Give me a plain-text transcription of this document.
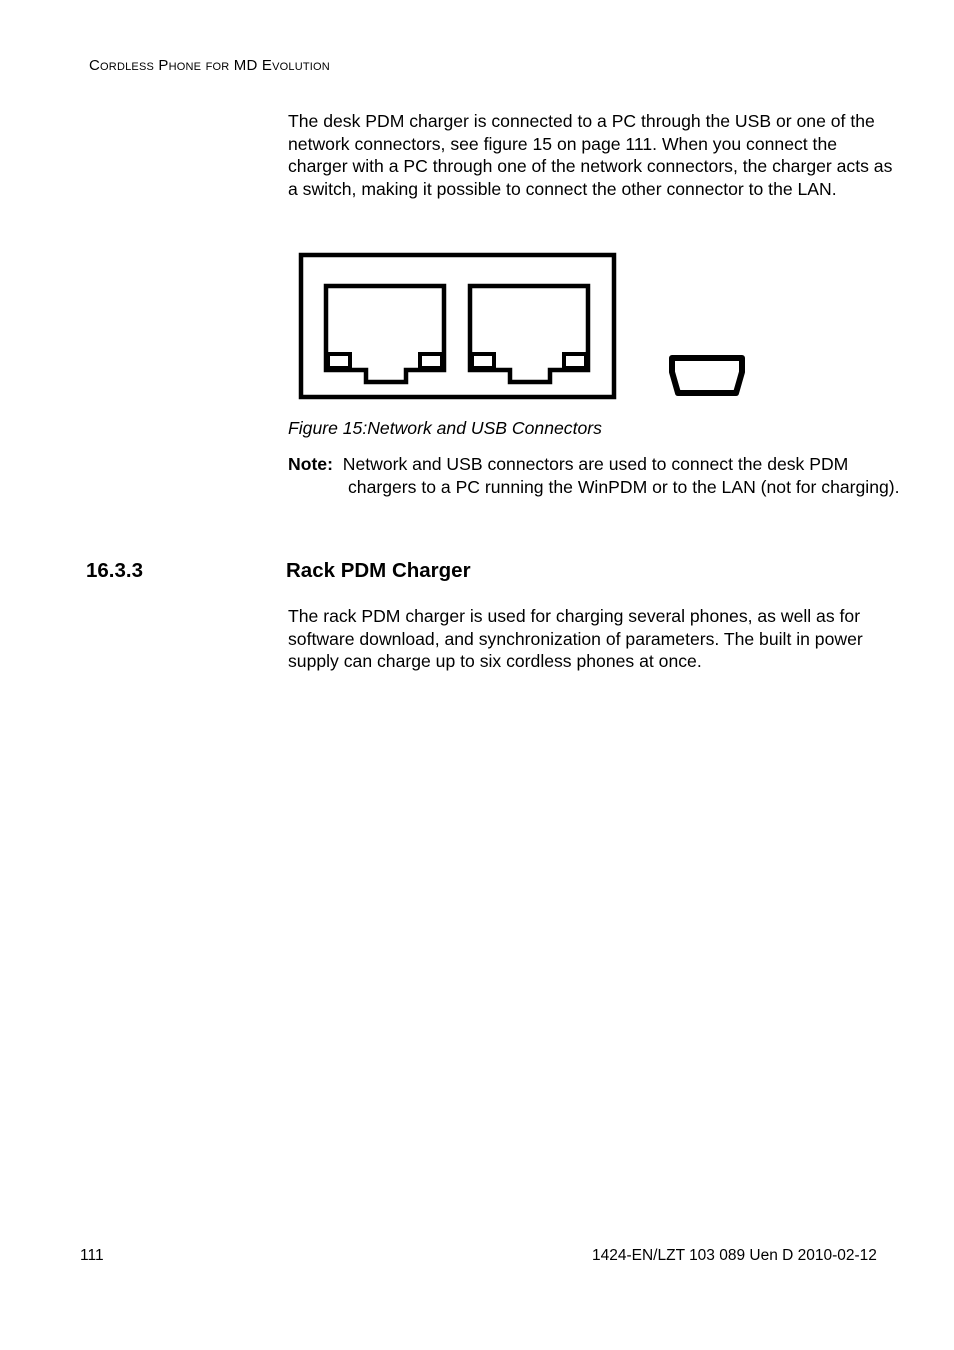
CORDLESS PHONE FOR MD EVOLUTION

The desk PDM charger is connected to a PC through the USB or one of the network connectors, see figure 15 on page 111. When you connect the charger with a PC through one of the network connectors, the charger acts as a switch, making it possible to connect the other connector to the LAN.

Figure 15:Network and USB Connectors

Note: Network and USB connectors are used to connect the desk PDM chargers to a PC running the WinPDM or to the LAN (not for charging).
16.3.3	Rack PDM Charger

The rack PDM charger is used for charging several phones, as well as for software download, and synchronization of parameters. The built in power supply can charge up to six cordless phones at once.

111	1424-EN/LZT 103 089 Uen D 2010-02-12
